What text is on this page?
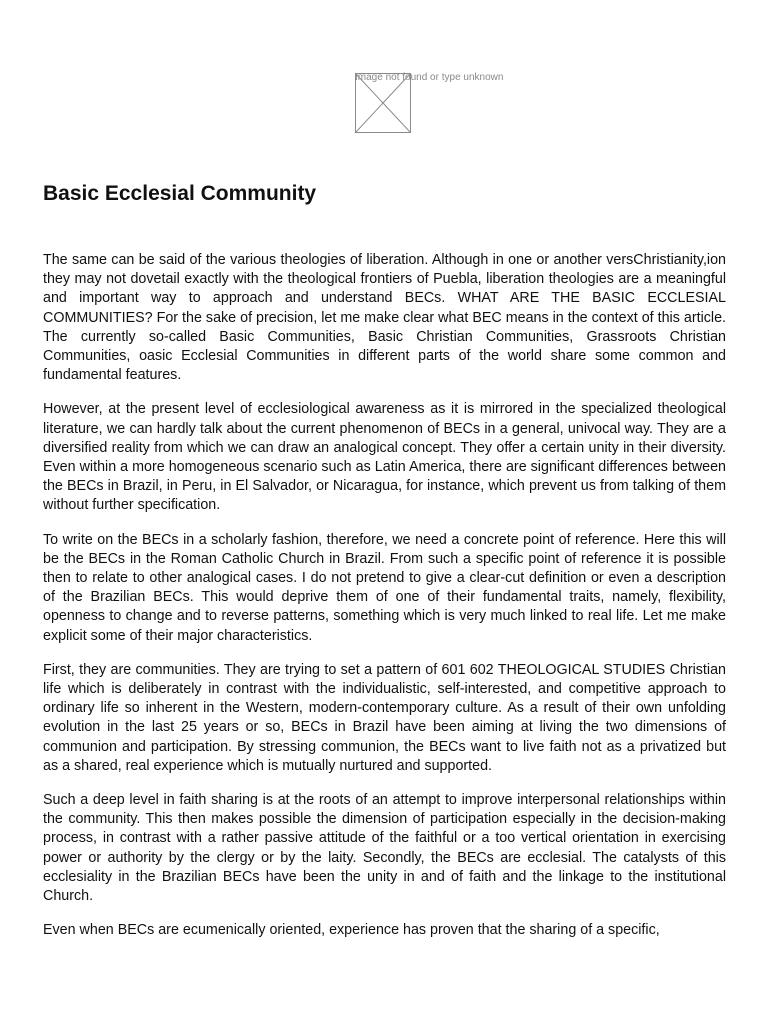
Image not found or type unknown
Basic Ecclesial Community

The same can be said of the various theologies of liberation. Although in one or another versChristianity,ion they may not dovetail exactly with the theological frontiers of Puebla, liberation theologies are a meaningful and important way to approach and understand BECs. WHAT ARE THE BASIC ECCLESIAL COMMUNITIES? For the sake of precision, let me make clear what BEC means in the context of this article. The currently so-called Basic Communities, Basic Christian Communities, Grassroots Christian Communities, oasic Ecclesial Communities in different parts of the world share some common and fundamental features.

However, at the present level of ecclesiological awareness as it is mirrored in the specialized theological literature, we can hardly talk about the current phenomenon of BECs in a general, univocal way. They are a diversified reality from which we can draw an analogical concept. They offer a certain unity in their diversity. Even within a more homogeneous scenario such as Latin America, there are significant differences between the BECs in Brazil, in Peru, in El Salvador, or Nicaragua, for instance, which prevent us from talking of them without further specification.

To write on the BECs in a scholarly fashion, therefore, we need a concrete point of reference. Here this will be the BECs in the Roman Catholic Church in Brazil. From such a specific point of reference it is possible then to relate to other analogical cases. I do not pretend to give a clear-cut definition or even a description of the Brazilian BECs. This would deprive them of one of their fundamental traits, namely, flexibility, openness to change and to reverse patterns, something which is very much linked to real life. Let me make explicit some of their major characteristics.

First, they are communities. They are trying to set a pattern of 601 602 THEOLOGICAL STUDIES Christian life which is deliberately in contrast with the individualistic, self-interested, and competitive approach to ordinary life so inherent in the Western, modern-contemporary culture. As a result of their own unfolding evolution in the last 25 years or so, BECs in Brazil have been aiming at living the two dimensions of communion and participation. By stressing communion, the BECs want to live faith not as a privatized but as a shared, real experience which is mutually nurtured and supported.

Such a deep level in faith sharing is at the roots of an attempt to improve interpersonal relationships within the community. This then makes possible the dimension of participation especially in the decision-making process, in contrast with a rather passive attitude of the faithful or a too vertical orientation in exercising power or authority by the clergy or by the laity. Secondly, the BECs are ecclesial. The catalysts of this ecclesiality in the Brazilian BECs have been the unity in and of faith and the linkage to the institutional Church.

Even when BECs are ecumenically oriented, experience has proven that the sharing of a specific,
